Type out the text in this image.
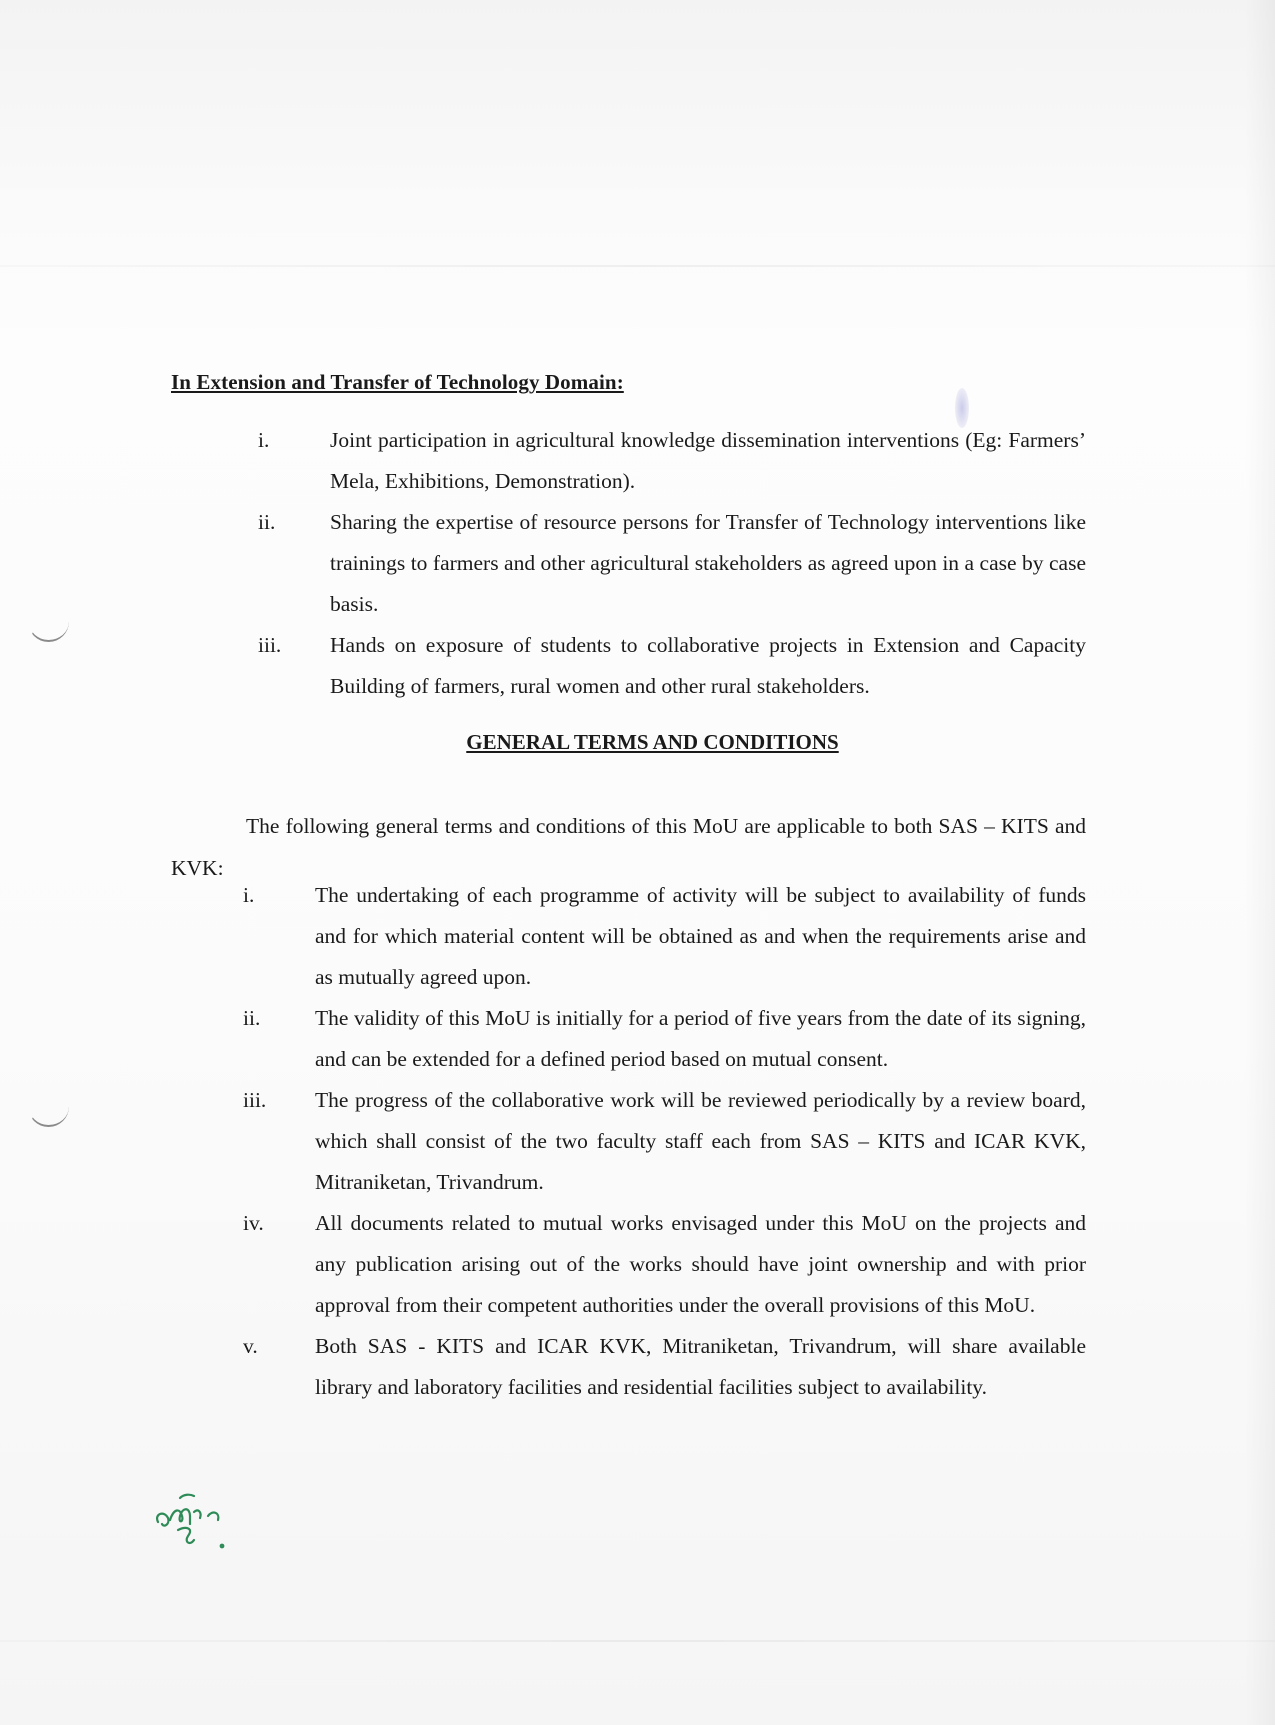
In Extension and Transfer of Technology Domain:
i.	Joint participation in agricultural knowledge dissemination interventions (Eg: Farmers’ Mela, Exhibitions, Demonstration).
ii.	Sharing the expertise of resource persons for Transfer of Technology interventions like trainings to farmers and other agricultural stakeholders as agreed upon in a case by case basis.
iii. Hands on exposure of students to collaborative projects in Extension and Capacity Building of farmers, rural women and other rural stakeholders.
GENERAL TERMS AND CONDITIONS

The following general terms and conditions of this MoU are applicable to both SAS – KITS and KVK:

i.	The undertaking of each programme of activity will be subject to availability of funds and for which material content will be obtained as and when the requirements arise and as mutually agreed upon.
ii.	The validity of this MoU is initially for a period of five years from the date of its signing, and can be extended for a defined period based on mutual consent.
iii. The progress of the collaborative work will be reviewed periodically by a review board, which shall consist of the two faculty staff each from SAS – KITS and ICAR KVK, Mitraniketan, Trivandrum.
iv. All documents related to mutual works envisaged under this MoU on the projects and any publication arising out of the works should have joint ownership and with prior approval from their competent authorities under the overall provisions of this MoU.
v.	Both SAS - KITS and ICAR KVK, Mitraniketan, Trivandrum, will share available library and laboratory facilities and residential facilities subject to availability.
